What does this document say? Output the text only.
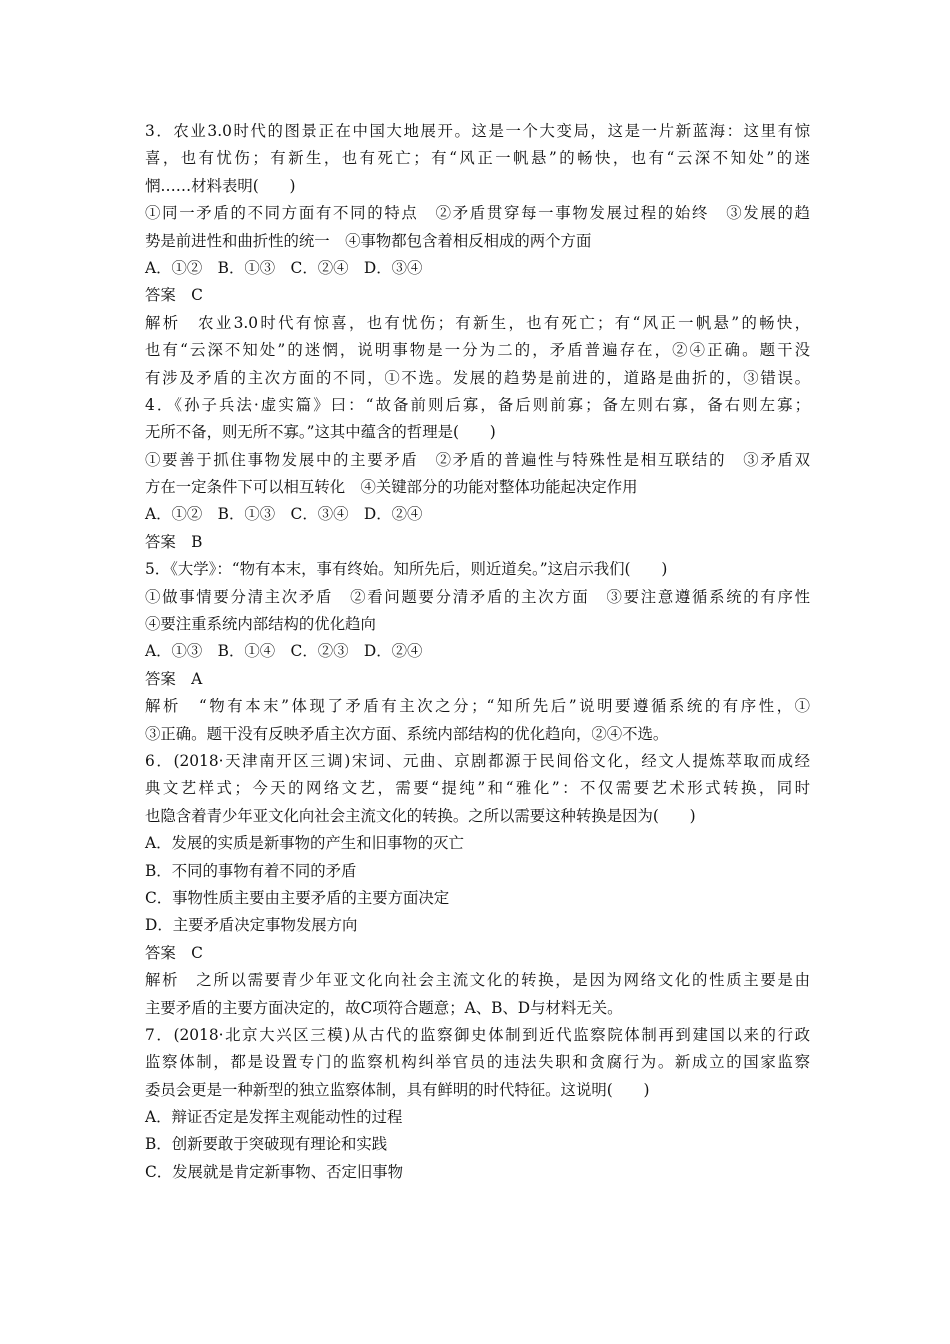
3．农业3.0时代的图景正在中国大地展开。这是一个大变局，这是一片新蓝海：这里有惊
喜，也有忧伤；有新生，也有死亡；有“风正一帆悬”的畅快，也有“云深不知处”的迷
惘……材料表明(　　)
①同一矛盾的不同方面有不同的特点　②矛盾贯穿每一事物发展过程的始终　③发展的趋
势是前进性和曲折性的统一　④事物都包含着相反相成的两个方面
A．①②　B．①③　C．②④　D．③④
答案　C
解析　农业3.0时代有惊喜，也有忧伤；有新生，也有死亡；有“风正一帆悬”的畅快，
也有“云深不知处”的迷惘，说明事物是一分为二的，矛盾普遍存在，②④正确。题干没
有涉及矛盾的主次方面的不同，①不选。发展的趋势是前进的，道路是曲折的，③错误。
4．《孙子兵法·虚实篇》曰：“故备前则后寡，备后则前寡；备左则右寡，备右则左寡；
无所不备，则无所不寡。”这其中蕴含的哲理是(　　)
①要善于抓住事物发展中的主要矛盾　②矛盾的普遍性与特殊性是相互联结的　③矛盾双
方在一定条件下可以相互转化　④关键部分的功能对整体功能起决定作用
A．①②　B．①③　C．③④　D．②④
答案　B
5．《大学》：“物有本末，事有终始。知所先后，则近道矣。”这启示我们(　　)
①做事情要分清主次矛盾　②看问题要分清矛盾的主次方面　③要注意遵循系统的有序性
④要注重系统内部结构的优化趋向
A．①③　B．①④　C．②③　D．②④
答案　A
解析　“物有本末”体现了矛盾有主次之分；“知所先后”说明要遵循系统的有序性，①
③正确。题干没有反映矛盾主次方面、系统内部结构的优化趋向，②④不选。
6．(2018·天津南开区三调)宋词、元曲、京剧都源于民间俗文化，经文人提炼萃取而成经
典文艺样式；今天的网络文艺，需要“提纯”和“雅化”：不仅需要艺术形式转换，同时
也隐含着青少年亚文化向社会主流文化的转换。之所以需要这种转换是因为(　　)
A．发展的实质是新事物的产生和旧事物的灭亡
B．不同的事物有着不同的矛盾
C．事物性质主要由主要矛盾的主要方面决定
D．主要矛盾决定事物发展方向
答案　C
解析　之所以需要青少年亚文化向社会主流文化的转换，是因为网络文化的性质主要是由
主要矛盾的主要方面决定的，故C项符合题意；A、B、D与材料无关。
7．(2018·北京大兴区三模)从古代的监察御史体制到近代监察院体制再到建国以来的行政
监察体制，都是设置专门的监察机构纠举官员的违法失职和贪腐行为。新成立的国家监察
委员会更是一种新型的独立监察体制，具有鲜明的时代特征。这说明(　　)
A．辩证否定是发挥主观能动性的过程
B．创新要敢于突破现有理论和实践
C．发展就是肯定新事物、否定旧事物
